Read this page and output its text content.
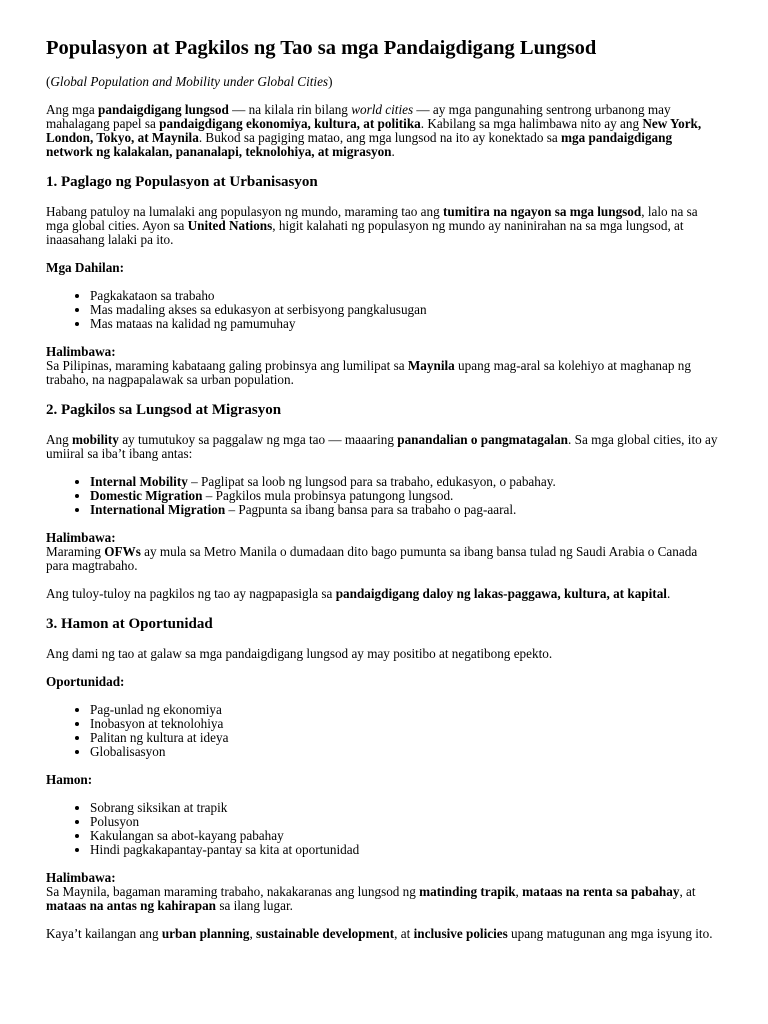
Populasyon at Pagkilos ng Tao sa mga Pandaigdigang Lungsod

(Global Population and Mobility under Global Cities)

Ang mga pandaigdigang lungsod — na kilala rin bilang world cities — ay mga pangunahing sentrong urbanong may mahalagang papel sa pandaigdigang ekonomiya, kultura, at politika. Kabilang sa mga halimbawa nito ay ang New York, London, Tokyo, at Maynila. Bukod sa pagiging matao, ang mga lungsod na ito ay konektado sa mga pandaigdigang network ng kalakalan, pananalapi, teknolohiya, at migrasyon.

1. Paglago ng Populasyon at Urbanisasyon

Habang patuloy na lumalaki ang populasyon ng mundo, maraming tao ang tumitira na ngayon sa mga lungsod, lalo na sa mga global cities. Ayon sa United Nations, higit kalahati ng populasyon ng mundo ay naninirahan na sa mga lungsod, at inaasahang lalaki pa ito.

Mga Dahilan:

• Pagkakataon sa trabaho
• Mas madaling akses sa edukasyon at serbisyong pangkalusugan
• Mas mataas na kalidad ng pamumuhay
Halimbawa:

Sa Pilipinas, maraming kabataang galing probinsya ang lumilipat sa Maynila upang mag-aral sa kolehiyo at maghanap ng trabaho, na nagpapalawak sa urban population.

2. Pagkilos sa Lungsod at Migrasyon

Ang mobility ay tumutukoy sa paggalaw ng mga tao — maaaring panandalian o pangmatagalan. Sa mga global cities, ito ay umiiral sa iba’t ibang antas:

• Internal Mobility – Paglipat sa loob ng lungsod para sa trabaho, edukasyon, o pabahay.
• Domestic Migration – Pagkilos mula probinsya patungong lungsod.
• International Migration – Pagpunta sa ibang bansa para sa trabaho o pag-aaral.
Halimbawa:

Maraming OFWs ay mula sa Metro Manila o dumadaan dito bago pumunta sa ibang bansa tulad ng Saudi Arabia o Canada para magtrabaho.

Ang tuloy-tuloy na pagkilos ng tao ay nagpapasigla sa pandaigdigang daloy ng lakas-paggawa, kultura, at kapital.

3. Hamon at Oportunidad

Ang dami ng tao at galaw sa mga pandaigdigang lungsod ay may positibo at negatibong epekto.

Oportunidad:

• Pag-unlad ng ekonomiya
• Inobasyon at teknolohiya
• Palitan ng kultura at ideya
• Globalisasyon

Hamon:

• Sobrang siksikan at trapik
• Polusyon
• Kakulangan sa abot-kayang pabahay
• Hindi pagkakapantay-pantay sa kita at oportunidad
Halimbawa:

Sa Maynila, bagaman maraming trabaho, nakakaranas ang lungsod ng matinding trapik, mataas na renta sa pabahay, at mataas na antas ng kahirapan sa ilang lugar.

Kaya’t kailangan ang urban planning, sustainable development, at inclusive policies upang matugunan ang mga isyung ito.
